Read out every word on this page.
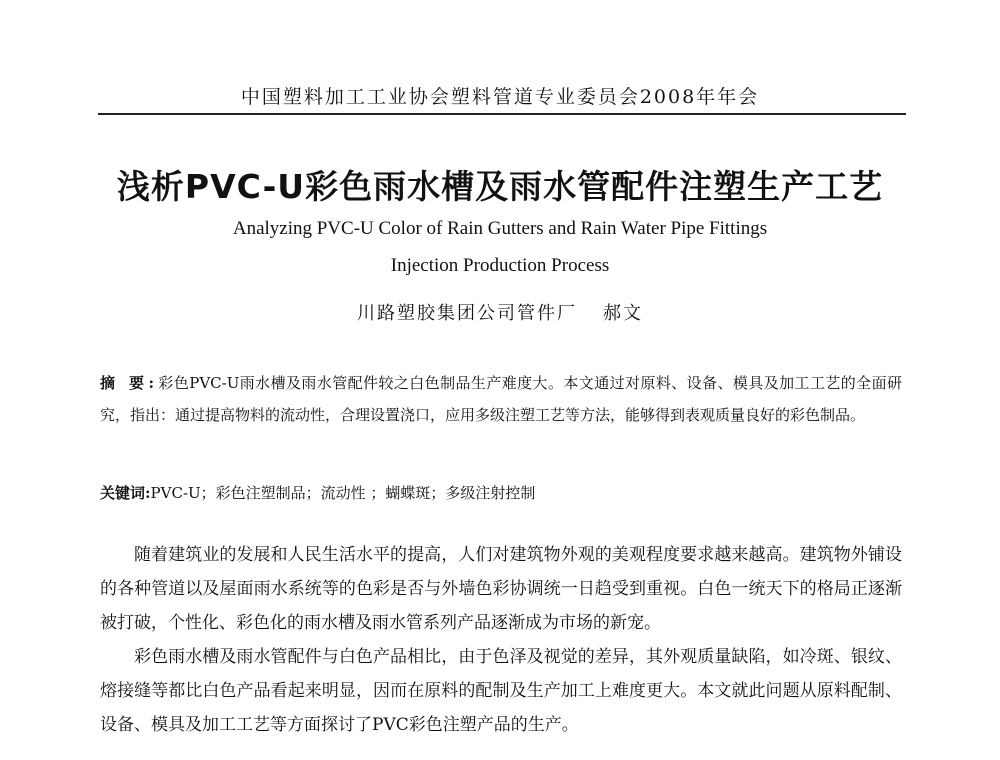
中国塑料加工工业协会塑料管道专业委员会2008年年会
浅析PVC-U彩色雨水槽及雨水管配件注塑生产工艺
Analyzing PVC-U Color of Rain Gutters and Rain Water Pipe Fittings
Injection Production Process
川路塑胶集团公司管件厂 郝文
摘 要:彩色PVC-U雨水槽及雨水管配件较之白色制品生产难度大。本文通过对原料、设备、模具及加工工艺的全面研究，指出：通过提高物料的流动性，合理设置浇口，应用多级注塑工艺等方法，能够得到表观质量良好的彩色制品。
关键词:PVC-U；彩色注塑制品；流动性 ；蝴蝶斑；多级注射控制

随着建筑业的发展和人民生活水平的提高，人们对建筑物外观的美观程度要求越来越高。建筑物外铺设的各种管道以及屋面雨水系统等的色彩是否与外墙色彩协调统一日趋受到重视。白色一统天下的格局正逐渐被打破，个性化、彩色化的雨水槽及雨水管系列产品逐渐成为市场的新宠。

彩色雨水槽及雨水管配件与白色产品相比，由于色泽及视觉的差异，其外观质量缺陷，如冷斑、银纹、熔接缝等都比白色产品看起来明显，因而在原料的配制及生产加工上难度更大。本文就此问题从原料配制、设备、模具及加工工艺等方面探讨了PVC彩色注塑产品的生产。
